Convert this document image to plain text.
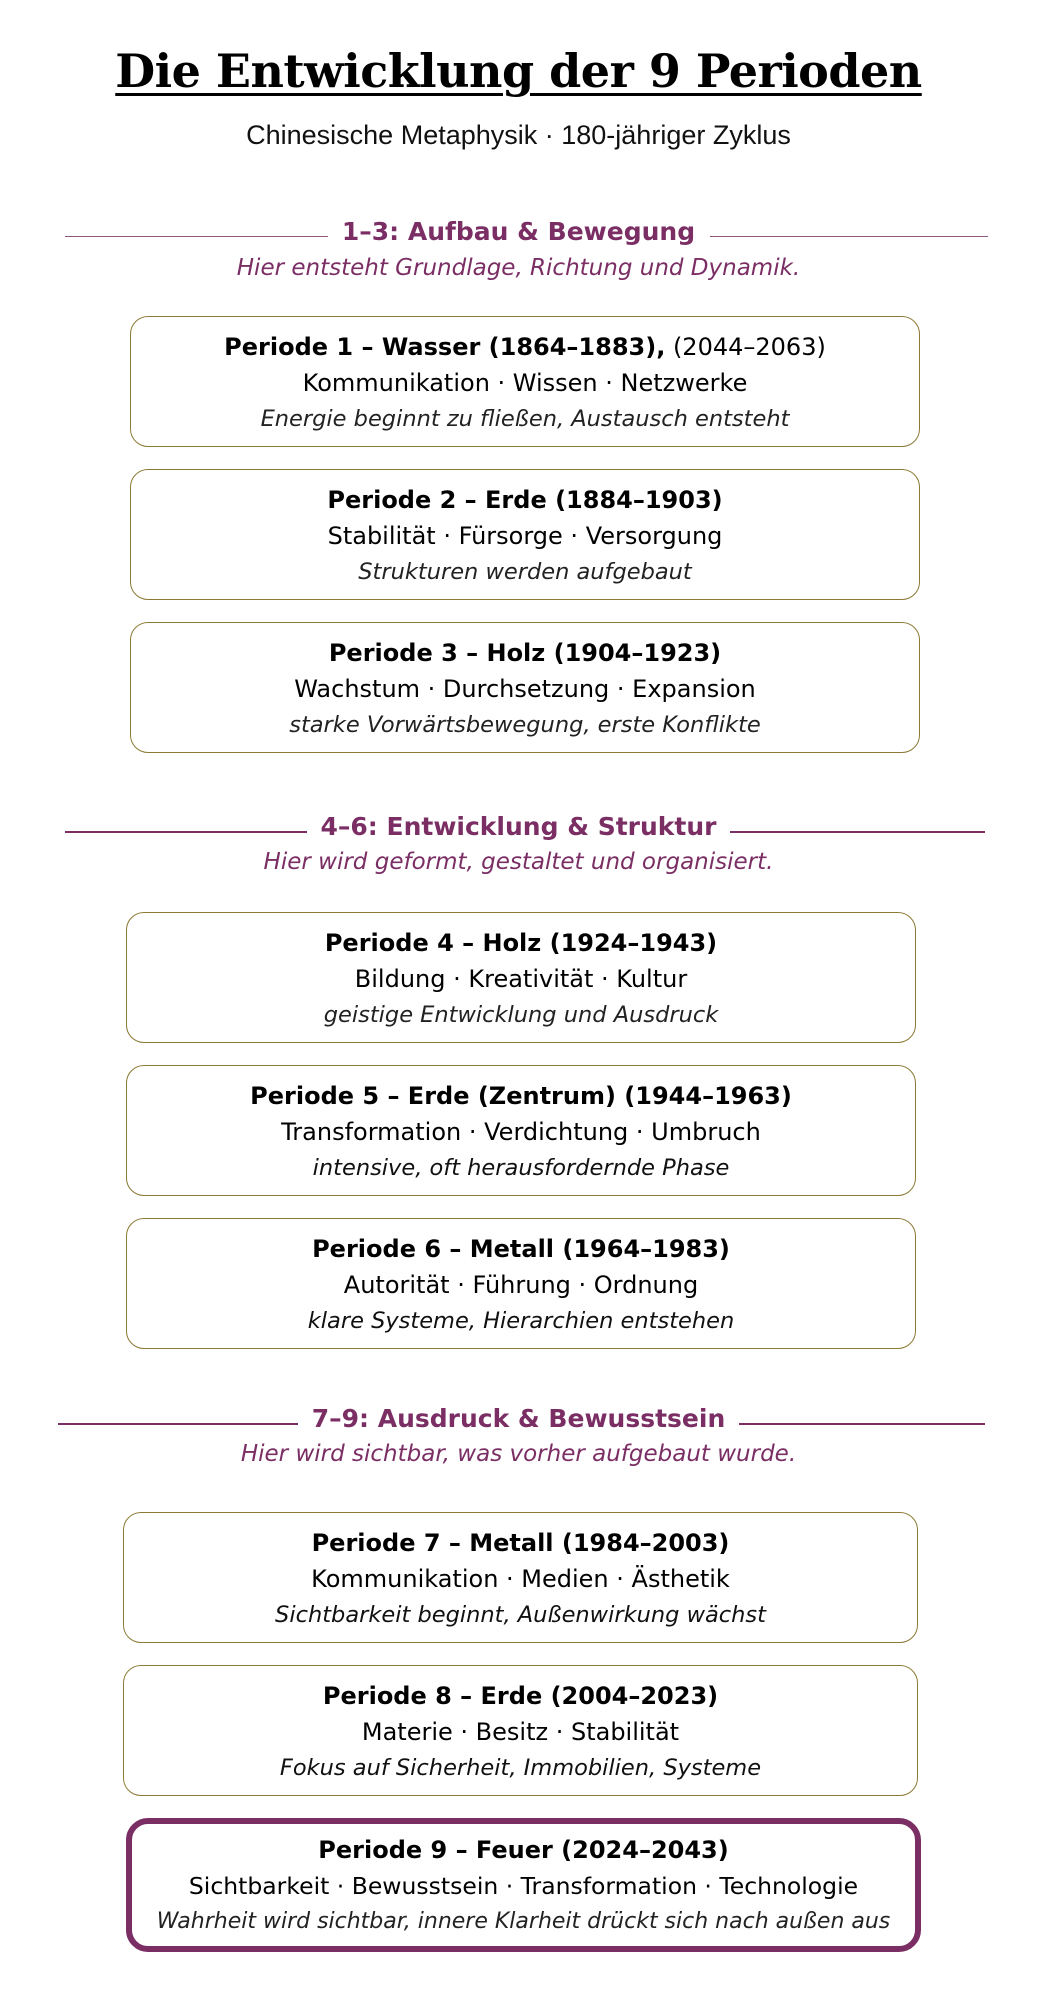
Die Entwicklung der 9 Perioden
Chinesische Metaphysik · 180-jähriger Zyklus
1–3: Aufbau & Bewegung
Hier entsteht Grundlage, Richtung und Dynamik.
Periode 1 – Wasser (1864–1883), (2044–2063)
Kommunikation · Wissen · Netzwerke
Energie beginnt zu fließen, Austausch entsteht
Periode 2 – Erde (1884–1903)
Stabilität · Fürsorge · Versorgung
Strukturen werden aufgebaut
Periode 3 – Holz (1904–1923)
Wachstum · Durchsetzung · Expansion
starke Vorwärtsbewegung, erste Konflikte
4–6: Entwicklung & Struktur
Hier wird geformt, gestaltet und organisiert.
Periode 4 – Holz (1924–1943)
Bildung · Kreativität · Kultur
geistige Entwicklung und Ausdruck
Periode 5 – Erde (Zentrum) (1944–1963)
Transformation · Verdichtung · Umbruch
intensive, oft herausfordernde Phase
Periode 6 – Metall (1964–1983)
Autorität · Führung · Ordnung
klare Systeme, Hierarchien entstehen
7–9: Ausdruck & Bewusstsein
Hier wird sichtbar, was vorher aufgebaut wurde.
Periode 7 – Metall (1984–2003)
Kommunikation · Medien · Ästhetik
Sichtbarkeit beginnt, Außenwirkung wächst
Periode 8 – Erde (2004–2023)
Materie · Besitz · Stabilität
Fokus auf Sicherheit, Immobilien, Systeme
Periode 9 – Feuer (2024–2043)
Sichtbarkeit · Bewusstsein · Transformation · Technologie
Wahrheit wird sichtbar, innere Klarheit drückt sich nach außen aus
